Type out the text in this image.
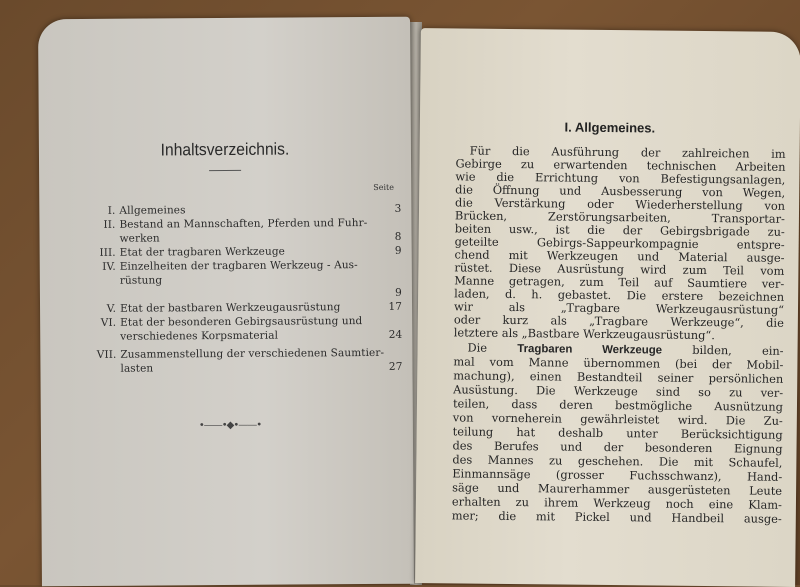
Inhaltsverzeichnis.
Seite
I. Allgemeines	3
II. Bestand an Mannschaften, Pferden und Fuhr-
werken	8
III. Etat der tragbaren Werkzeuge	9
IV. Einzelheiten der tragbaren Werkzeug - Aus-
rüstung
9
V. Etat der bastbaren Werkzeugausrüstung	17
VI. Etat der besonderen Gebirgsausrüstung und
verschiedenes Korpsmaterial	24
VII. Zusammenstellung der verschiedenen Saumtier-
lasten	27
•——•◆•——•
I. Allgemeines.
Für die Ausführung der zahlreichen im
Gebirge zu erwartenden technischen Arbeiten
wie die Errichtung von Befestigungsanlagen,
die Öffnung und Ausbesserung von Wegen,
die Verstärkung oder Wiederherstellung von
Brücken, Zerstörungsarbeiten, Transportar-
beiten usw., ist die der Gebirgsbrigade zu-
geteilte Gebirgs-Sappeurkompagnie entspre-
chend mit Werkzeugen und Material ausge-
rüstet. Diese Ausrüstung wird zum Teil vom
Manne getragen, zum Teil auf Saumtiere ver-
laden, d. h. gebastet. Die erstere bezeichnen
wir als „Tragbare Werkzeugausrüstung“
oder kurz als „Tragbare Werkzeuge“, die
letztere als „Bastbare Werkzeugausrüstung“.
Die	Tragbaren Werkzeuge	bilden, ein-
mal vom Manne übernommen (bei der Mobil-
machung), einen Bestandteil seiner persönlichen
Ausüstung. Die Werkzeuge sind so zu ver-
teilen, dass deren bestmögliche Ausnützung
von vorneherein gewährleistet wird. Die Zu-
teilung hat deshalb unter Berücksichtigung
des Berufes und der besonderen Eignung
des Mannes zu geschehen. Die mit Schaufel,
Einmannsäge (grosser Fuchsschwanz), Hand-
säge und Maurerhammer ausgerüsteten Leute
erhalten zu ihrem Werkzeug noch eine Klam-
mer; die mit Pickel und Handbeil ausge-
